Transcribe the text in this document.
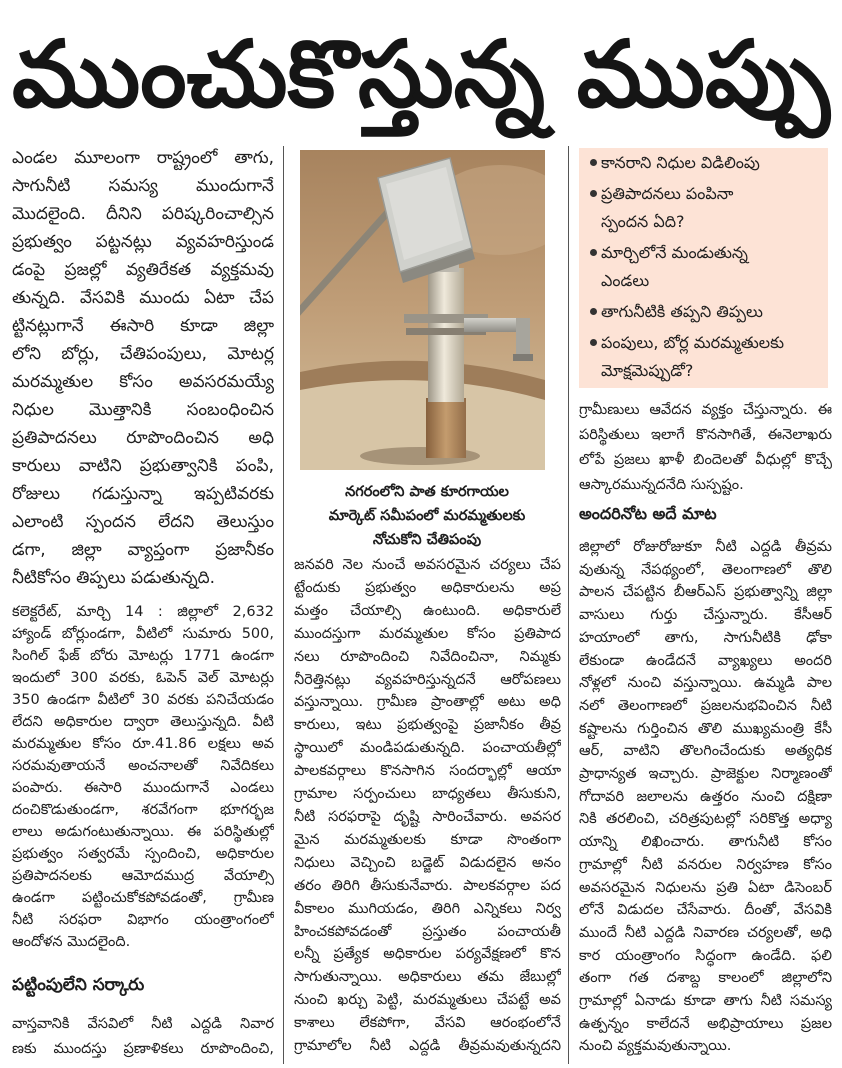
ముంచుకొస్తున్న ముప్పు
ఎండల మూలంగా రాష్ట్రంలో తాగు,
సాగునీటి సమస్య ముందుగానే
మొదలైంది. దీనిని పరిష్కరించాల్సిన
ప్రభుత్వం పట్టనట్లు వ్యవహరిస్తుండ
డంపై ప్రజల్లో వ్యతిరేకత వ్యక్తమవు
తున్నది. వేసవికి ముందు ఏటా చేప
ట్టినట్లుగానే ఈసారి కూడా జిల్లా
లోని బోర్లు, చేతిపంపులు, మోటర్ల
మరమ్మతుల కోసం అవసరమయ్యే
నిధుల మొత్తానికి సంబంధించిన
ప్రతిపాదనలు రూపొందించిన అధి
కారులు వాటిని ప్రభుత్వానికి పంపి,
రోజులు గడుస్తున్నా ఇప్పటివరకు
ఎలాంటి స్పందన లేదని తెలుస్తుం
డగా, జిల్లా వ్యాప్తంగా ప్రజానీకం
నీటికోసం తిప్పలు పడుతున్నది.
కలెక్టరేట్, మార్చి 14 : జిల్లాలో 2,632
హ్యాండ్ బోర్లుండగా, వీటిలో సుమారు 500,
సింగిల్ ఫేజ్ బోరు మోటర్లు 1771 ఉండగా
ఇందులో 300 వరకు, ఓపెన్ వెల్ మోటర్లు
350 ఉండగా వీటిలో 30 వరకు పనిచేయడం
లేదని అధికారుల ద్వారా తెలుస్తున్నది. వీటి
మరమ్మతుల కోసం రూ.41.86 లక్షలు అవ
సరమవుతాయనే అంచనాలతో నివేదికలు
పంపారు. ఈసారి ముందుగానే ఎండలు
దంచికొడుతుండగా, శరవేగంగా భూగర్భజ
లాలు అడుగంటుతున్నాయి. ఈ పరిస్థితుల్లో
ప్రభుత్వం సత్వరమే స్పందించి, అధికారుల
ప్రతిపాదనలకు ఆమోదముద్ర వేయాల్సి
ఉండగా పట్టించుకోకపోవడంతో, గ్రామీణ
నీటి సరఫరా విభాగం యంత్రాంగంలో
ఆందోళన మొదలైంది.
పట్టింపులేని సర్కారు
వాస్తవానికి వేసవిలో నీటి ఎద్దడి నివార
ణకు ముందస్తు ప్రణాళికలు రూపొందించి,
నగరంలోని పాత కూరగాయల
మార్కెట్ సమీపంలో మరమ్మతులకు
నోచుకోని చేతిపంపు
జనవరి నెల నుంచే అవసరమైన చర్యలు చేప
ట్టేందుకు ప్రభుత్వం అధికారులను అప్ర
మత్తం చేయాల్సి ఉంటుంది. అధికారులే
ముందస్తుగా మరమ్మతుల కోసం ప్రతిపాద
నలు రూపొందించి నివేదించినా, నిమ్మకు
నీరెత్తినట్లు వ్యవహరిస్తున్నదనే ఆరోపణలు
వస్తున్నాయి. గ్రామీణ ప్రాంతాల్లో అటు అధి
కారులు, ఇటు ప్రభుత్వంపై ప్రజానీకం తీవ్ర
స్థాయిలో మండిపడుతున్నది. పంచాయతీల్లో
పాలకవర్గాలు కొనసాగిన సందర్భాల్లో ఆయా
గ్రామాల సర్పంచులు బాధ్యతలు తీసుకుని,
నీటి సరఫరాపై దృష్టి సారించేవారు. అవసర
మైన మరమ్మతులకు కూడా సొంతంగా
నిధులు వెచ్చించి బడ్జెట్ విడుదలైన అనం
తరం తిరిగి తీసుకునేవారు. పాలకవర్గాల పద
వీకాలం ముగియడం, తిరిగి ఎన్నికలు నిర్వ
హించకపోవడంతో ప్రస్తుతం పంచాయతీ
లన్నీ ప్రత్యేక అధికారుల పర్యవేక్షణలో కొన
సాగుతున్నాయి. అధికారులు తమ జేబుల్లో
నుంచి ఖర్చు పెట్టి, మరమ్మతులు చేపట్టే అవ
కాశాలు లేకపోగా, వేసవి ఆరంభంలోనే
గ్రామాలోల నీటి ఎద్దడి తీవ్రమవుతున్నదని
కానరాని నిధుల విడిలింపు
ప్రతిపాదనలు పంపినా
స్పందన ఏది?
మార్చిలోనే మండుతున్న
ఎండలు
తాగునీటికి తప్పని తిప్పలు
పంపులు, బోర్ల మరమ్మతులకు
మోక్షమెప్పుడో?
గ్రామీణులు ఆవేదన వ్యక్తం చేస్తున్నారు. ఈ
పరిస్థితులు ఇలాగే కొనసాగితే, ఈనెలాఖరు
లోపే ప్రజలు ఖాళీ బిందెలతో వీధుల్లో కొచ్చే
ఆస్కారమున్నదనేది సుస్పష్టం.
అందరినోట అదే మాట
జిల్లాలో రోజురోజుకూ నీటి ఎద్దడి తీవ్రమ
వుతున్న నేపథ్యంలో, తెలంగాణలో తొలి
పాలన చేపట్టిన బీఆర్ఎస్ ప్రభుత్వాన్ని జిల్లా
వాసులు గుర్తు చేస్తున్నారు. కేసీఆర్
హయాంలో తాగు, సాగునీటికి ఢోకా
లేకుండా ఉండేదనే వ్యాఖ్యలు అందరి
నోళ్లలో నుంచి వస్తున్నాయి. ఉమ్మడి పాల
నలో తెలంగాణలో ప్రజలనుభవించిన నీటి
కష్టాలను గుర్తించిన తొలి ముఖ్యమంత్రి కేసీ
ఆర్, వాటిని తొలగించేందుకు అత్యధిక
ప్రాధాన్యత ఇచ్చారు. ప్రాజెక్టుల నిర్మాణంతో
గోదావరి జలాలను ఉత్తరం నుంచి దక్షిణా
నికి తరలించి, చరిత్రపుటల్లో సరికొత్త అధ్యా
యాన్ని లిఖించారు. తాగునీటి కోసం
గ్రామాల్లో నీటి వనరుల నిర్వహణ కోసం
అవసరమైన నిధులను ప్రతి ఏటా డిసెంబర్
లోనే విడుదల చేసేవారు. దీంతో, వేసవికి
ముందే నీటి ఎద్దడి నివారణ చర్యలతో, అధి
కార యంత్రాంగం సిద్ధంగా ఉండేది. ఫలి
తంగా గత దశాబ్ద కాలంలో జిల్లాలోని
గ్రామాల్లో ఏనాడు కూడా తాగు నీటి సమస్య
ఉత్పన్నం కాలేదనే అభిప్రాయాలు ప్రజల
నుంచి వ్యక్తమవుతున్నాయి.
